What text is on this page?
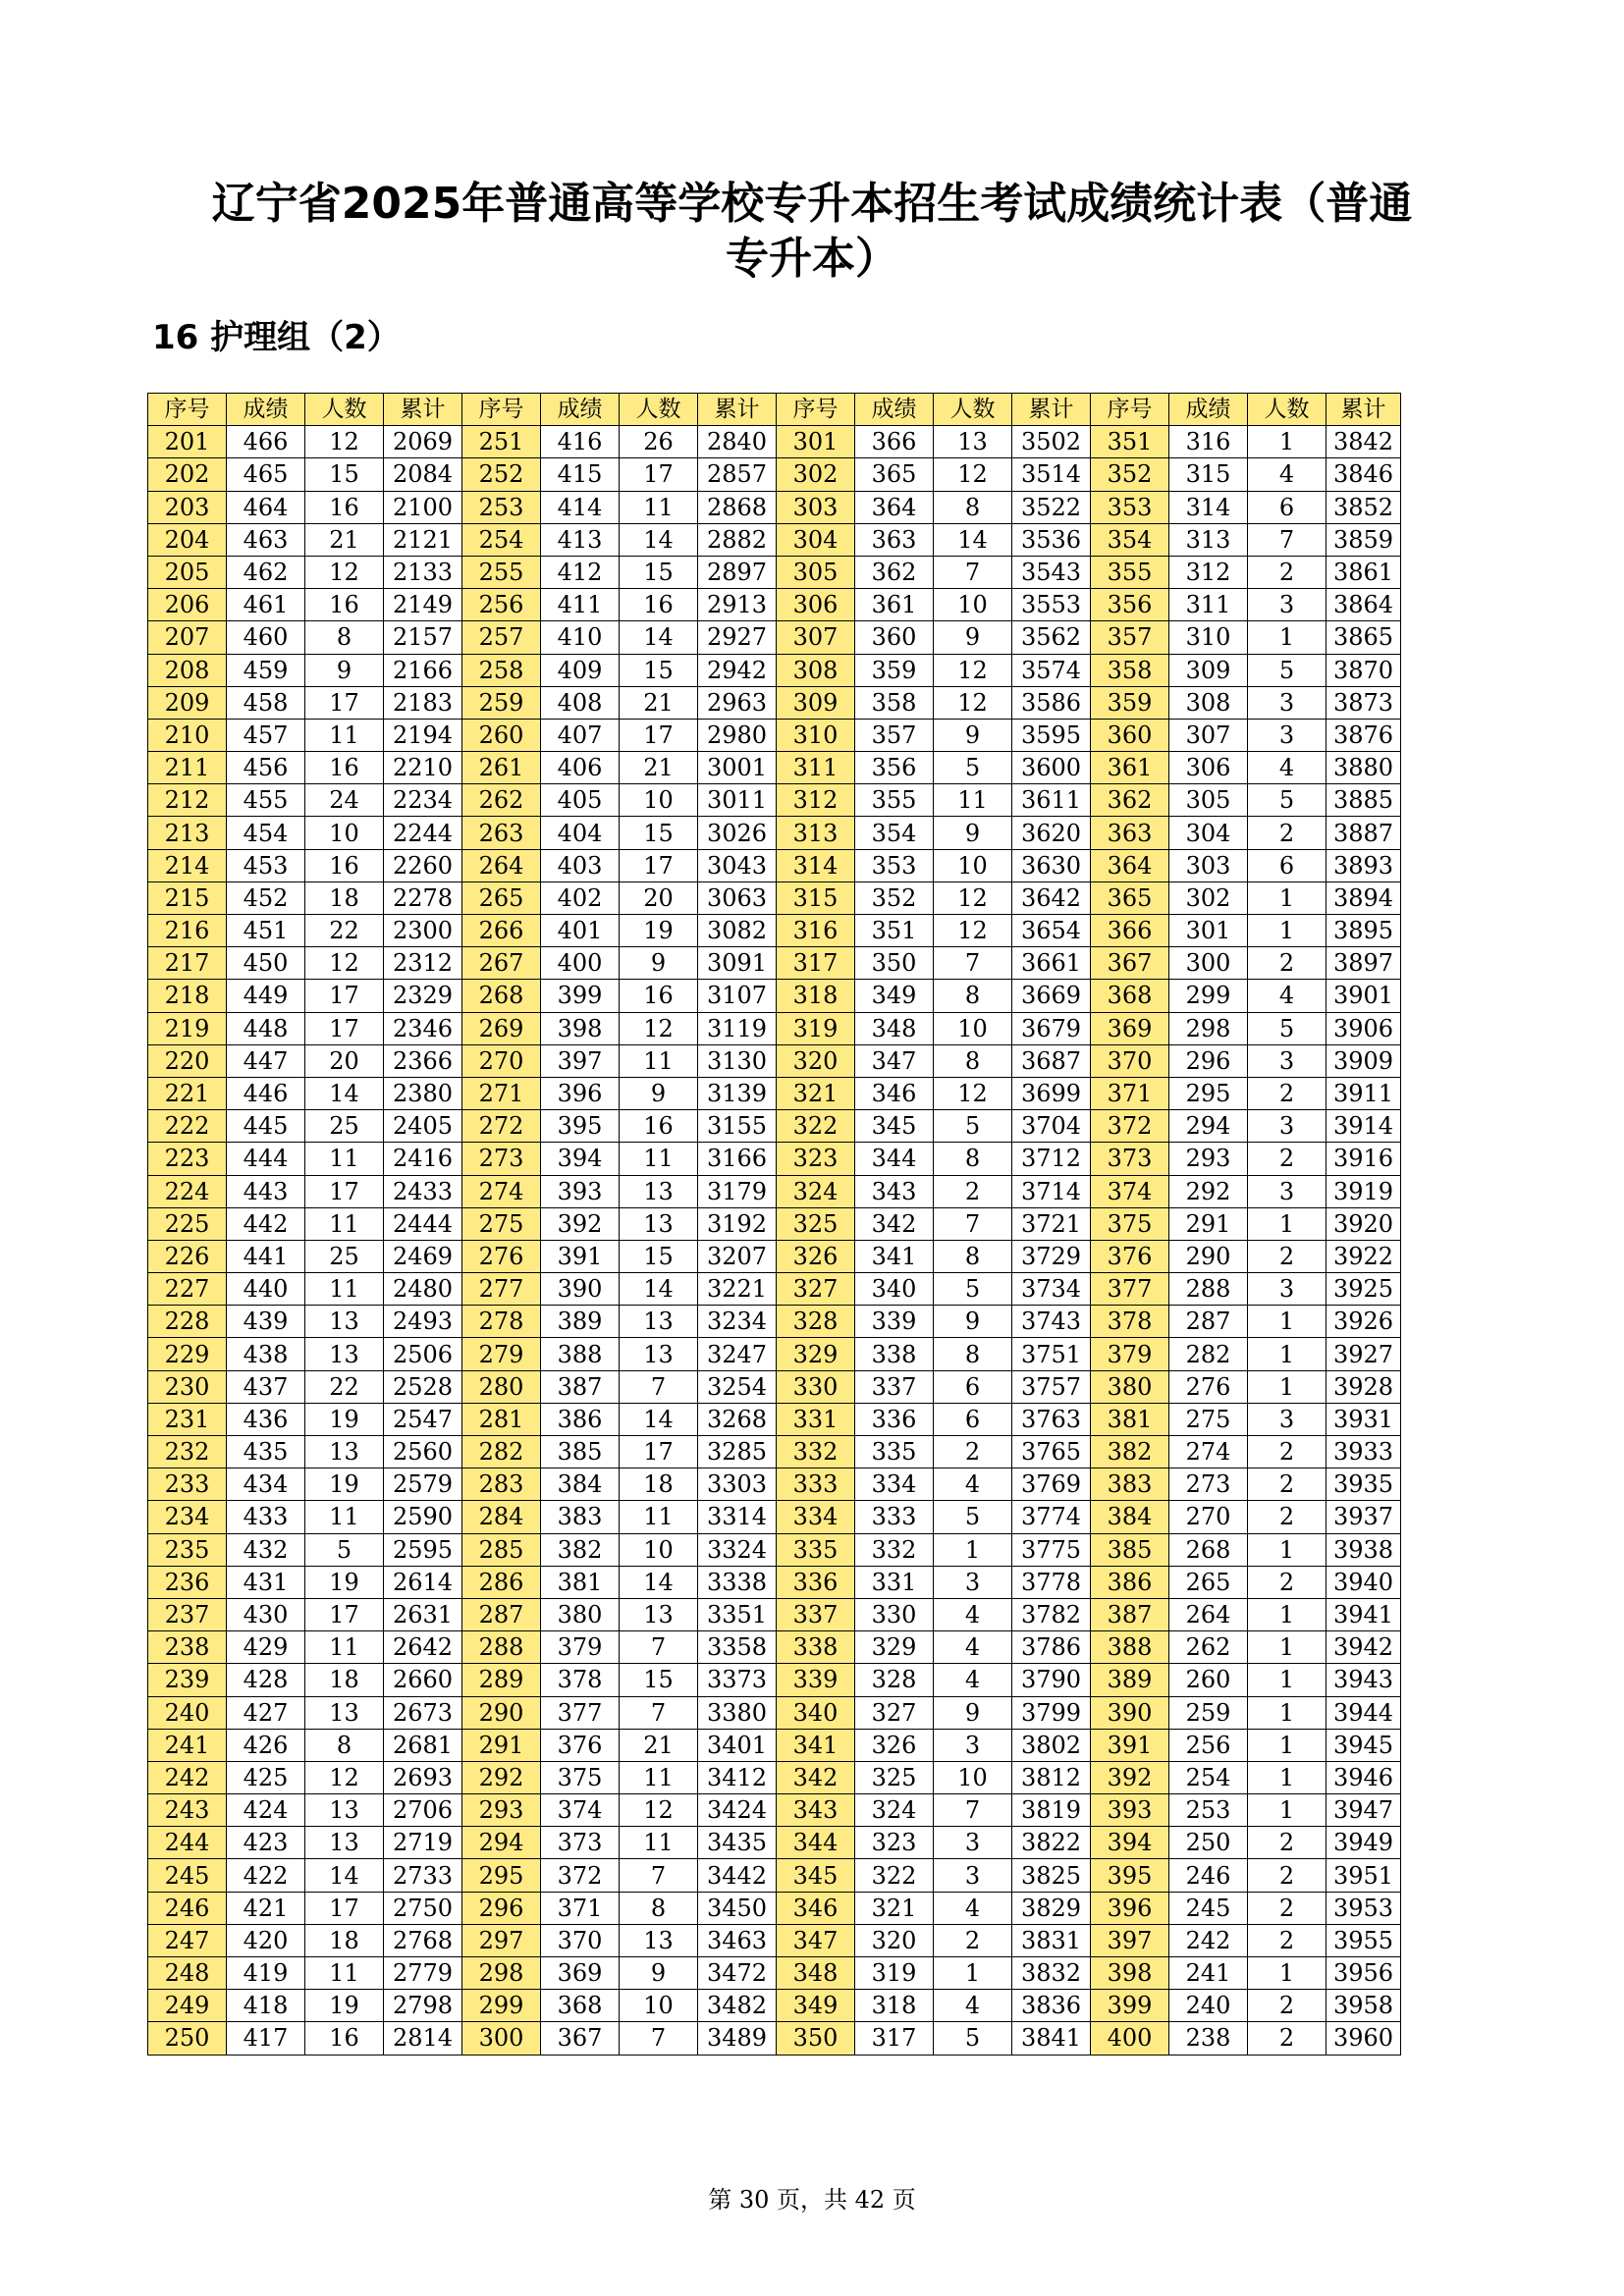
辽宁省2025年普通高等学校专升本招生考试成绩统计表（普通
专升本）
16 护理组（2）
序号	成绩	人数	累计	序号	成绩	人数	累计	序号	成绩	人数	累计	序号	成绩	人数	累计
201	466	12	2069	251	416	26	2840	301	366	13	3502	351	316	1	3842
202	465	15	2084	252	415	17	2857	302	365	12	3514	352	315	4	3846
203	464	16	2100	253	414	11	2868	303	364	8	3522	353	314	6	3852
204	463	21	2121	254	413	14	2882	304	363	14	3536	354	313	7	3859
205	462	12	2133	255	412	15	2897	305	362	7	3543	355	312	2	3861
206	461	16	2149	256	411	16	2913	306	361	10	3553	356	311	3	3864
207	460	8	2157	257	410	14	2927	307	360	9	3562	357	310	1	3865
208	459	9	2166	258	409	15	2942	308	359	12	3574	358	309	5	3870
209	458	17	2183	259	408	21	2963	309	358	12	3586	359	308	3	3873
210	457	11	2194	260	407	17	2980	310	357	9	3595	360	307	3	3876
211	456	16	2210	261	406	21	3001	311	356	5	3600	361	306	4	3880
212	455	24	2234	262	405	10	3011	312	355	11	3611	362	305	5	3885
213	454	10	2244	263	404	15	3026	313	354	9	3620	363	304	2	3887
214	453	16	2260	264	403	17	3043	314	353	10	3630	364	303	6	3893
215	452	18	2278	265	402	20	3063	315	352	12	3642	365	302	1	3894
216	451	22	2300	266	401	19	3082	316	351	12	3654	366	301	1	3895
217	450	12	2312	267	400	9	3091	317	350	7	3661	367	300	2	3897
218	449	17	2329	268	399	16	3107	318	349	8	3669	368	299	4	3901
219	448	17	2346	269	398	12	3119	319	348	10	3679	369	298	5	3906
220	447	20	2366	270	397	11	3130	320	347	8	3687	370	296	3	3909
221	446	14	2380	271	396	9	3139	321	346	12	3699	371	295	2	3911
222	445	25	2405	272	395	16	3155	322	345	5	3704	372	294	3	3914
223	444	11	2416	273	394	11	3166	323	344	8	3712	373	293	2	3916
224	443	17	2433	274	393	13	3179	324	343	2	3714	374	292	3	3919
225	442	11	2444	275	392	13	3192	325	342	7	3721	375	291	1	3920
226	441	25	2469	276	391	15	3207	326	341	8	3729	376	290	2	3922
227	440	11	2480	277	390	14	3221	327	340	5	3734	377	288	3	3925
228	439	13	2493	278	389	13	3234	328	339	9	3743	378	287	1	3926
229	438	13	2506	279	388	13	3247	329	338	8	3751	379	282	1	3927
230	437	22	2528	280	387	7	3254	330	337	6	3757	380	276	1	3928
231	436	19	2547	281	386	14	3268	331	336	6	3763	381	275	3	3931
232	435	13	2560	282	385	17	3285	332	335	2	3765	382	274	2	3933
233	434	19	2579	283	384	18	3303	333	334	4	3769	383	273	2	3935
234	433	11	2590	284	383	11	3314	334	333	5	3774	384	270	2	3937
235	432	5	2595	285	382	10	3324	335	332	1	3775	385	268	1	3938
236	431	19	2614	286	381	14	3338	336	331	3	3778	386	265	2	3940
237	430	17	2631	287	380	13	3351	337	330	4	3782	387	264	1	3941
238	429	11	2642	288	379	7	3358	338	329	4	3786	388	262	1	3942
239	428	18	2660	289	378	15	3373	339	328	4	3790	389	260	1	3943
240	427	13	2673	290	377	7	3380	340	327	9	3799	390	259	1	3944
241	426	8	2681	291	376	21	3401	341	326	3	3802	391	256	1	3945
242	425	12	2693	292	375	11	3412	342	325	10	3812	392	254	1	3946
243	424	13	2706	293	374	12	3424	343	324	7	3819	393	253	1	3947
244	423	13	2719	294	373	11	3435	344	323	3	3822	394	250	2	3949
245	422	14	2733	295	372	7	3442	345	322	3	3825	395	246	2	3951
246	421	17	2750	296	371	8	3450	346	321	4	3829	396	245	2	3953
247	420	18	2768	297	370	13	3463	347	320	2	3831	397	242	2	3955
248	419	11	2779	298	369	9	3472	348	319	1	3832	398	241	1	3956
249	418	19	2798	299	368	10	3482	349	318	4	3836	399	240	2	3958
250	417	16	2814	300	367	7	3489	350	317	5	3841	400	238	2	3960
第 30 页，共 42 页
